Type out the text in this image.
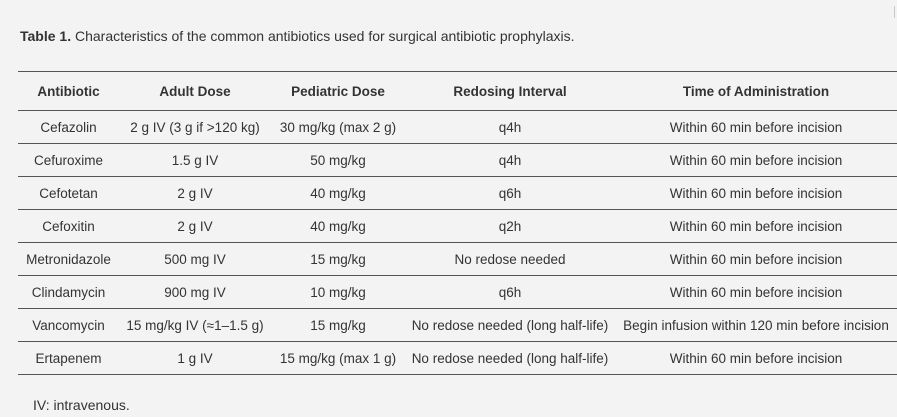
Table 1. Characteristics of the common antibiotics used for surgical antibiotic prophylaxis.
Antibiotic	Adult Dose	Pediatric Dose	Redosing Interval	Time of Administration
Cefazolin	2 g IV (3 g if >120 kg)	30 mg/kg (max 2 g)	q4h	Within 60 min before incision
Cefuroxime	1.5 g IV	50 mg/kg	q4h	Within 60 min before incision
Cefotetan	2 g IV	40 mg/kg	q6h	Within 60 min before incision
Cefoxitin	2 g IV	40 mg/kg	q2h	Within 60 min before incision
Metronidazole	500 mg IV	15 mg/kg	No redose needed	Within 60 min before incision
Clindamycin	900 mg IV	10 mg/kg	q6h	Within 60 min before incision
Vancomycin	15 mg/kg IV (≈1–1.5 g)	15 mg/kg	No redose needed (long half-life)	Begin infusion within 120 min before incision
Ertapenem	1 g IV	15 mg/kg (max 1 g)	No redose needed (long half-life)	Within 60 min before incision
IV: intravenous.
